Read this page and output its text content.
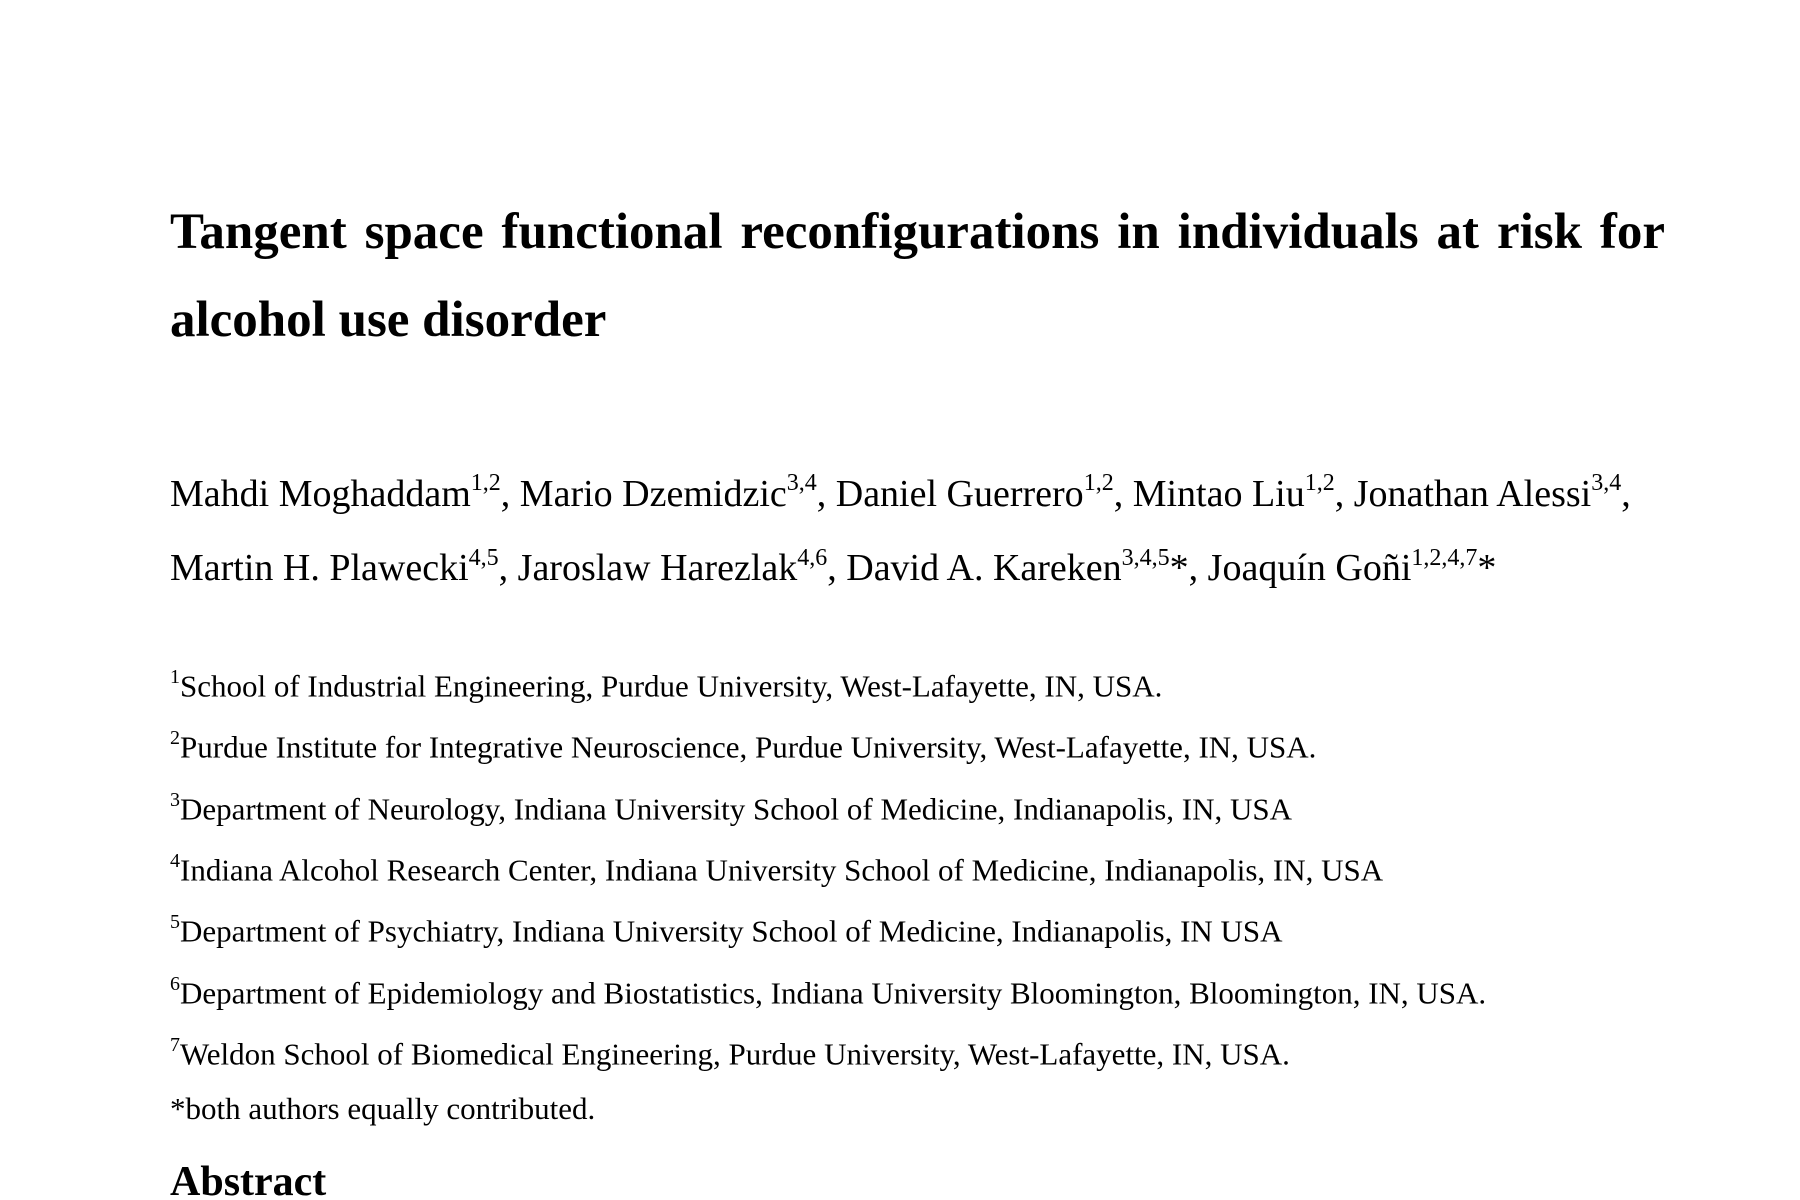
Tangent space functional reconfigurations in individuals at risk for alcohol use disorder

Mahdi Moghaddam$^{1,2}$, Mario Dzemidzic$^{3,4}$, Daniel Guerrero$^{1,2}$, Mintao Liu$^{1,2}$, Jonathan Alessi$^{3,4}$,
Martin H. Plawecki$^{4,5}$, Jaroslaw Harezlak$^{4,6}$, David A. Kareken$^{3,4,5}$*, Joaquín Goñi$^{1,2,4,7}$*

$^1$School of Industrial Engineering, Purdue University, West-Lafayette, IN, USA.
$^2$Purdue Institute for Integrative Neuroscience, Purdue University, West-Lafayette, IN, USA.
$^3$Department of Neurology, Indiana University School of Medicine, Indianapolis, IN, USA
$^4$Indiana Alcohol Research Center, Indiana University School of Medicine, Indianapolis, IN, USA
$^5$Department of Psychiatry, Indiana University School of Medicine, Indianapolis, IN USA
$^6$Department of Epidemiology and Biostatistics, Indiana University Bloomington, Bloomington, IN, USA.
$^7$Weldon School of Biomedical Engineering, Purdue University, West-Lafayette, IN, USA.
*both authors equally contributed.
Abstract
